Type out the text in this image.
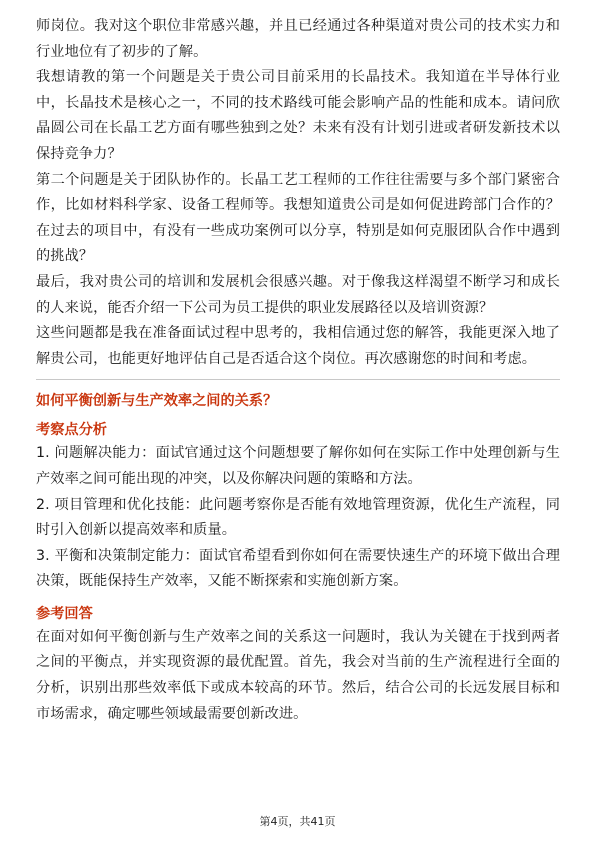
师岗位。我对这个职位非常感兴趣，并且已经通过各种渠道对贵公司的技术实力和行业地位有了初步的了解。

我想请教的第一个问题是关于贵公司目前采用的长晶技术。我知道在半导体行业中，长晶技术是核心之一，不同的技术路线可能会影响产品的性能和成本。请问欣晶圆公司在长晶工艺方面有哪些独到之处？未来有没有计划引进或者研发新技术以保持竞争力？

第二个问题是关于团队协作的。长晶工艺工程师的工作往往需要与多个部门紧密合作，比如材料科学家、设备工程师等。我想知道贵公司是如何促进跨部门合作的？在过去的项目中，有没有一些成功案例可以分享，特别是如何克服团队合作中遇到的挑战？

最后，我对贵公司的培训和发展机会很感兴趣。对于像我这样渴望不断学习和成长的人来说，能否介绍一下公司为员工提供的职业发展路径以及培训资源？

这些问题都是我在准备面试过程中思考的，我相信通过您的解答，我能更深入地了解贵公司，也能更好地评估自己是否适合这个岗位。再次感谢您的时间和考虑。

如何平衡创新与生产效率之间的关系？
考察点分析

1. 问题解决能力：面试官通过这个问题想要了解你如何在实际工作中处理创新与生产效率之间可能出现的冲突，以及你解决问题的策略和方法。

2. 项目管理和优化技能：此问题考察你是否能有效地管理资源，优化生产流程，同时引入创新以提高效率和质量。

3. 平衡和决策制定能力：面试官希望看到你如何在需要快速生产的环境下做出合理决策，既能保持生产效率，又能不断探索和实施创新方案。

参考回答

在面对如何平衡创新与生产效率之间的关系这一问题时，我认为关键在于找到两者之间的平衡点，并实现资源的最优配置。首先，我会对当前的生产流程进行全面的分析，识别出那些效率低下或成本较高的环节。然后，结合公司的长远发展目标和市场需求，确定哪些领域最需要创新改进。

第4页，共41页
